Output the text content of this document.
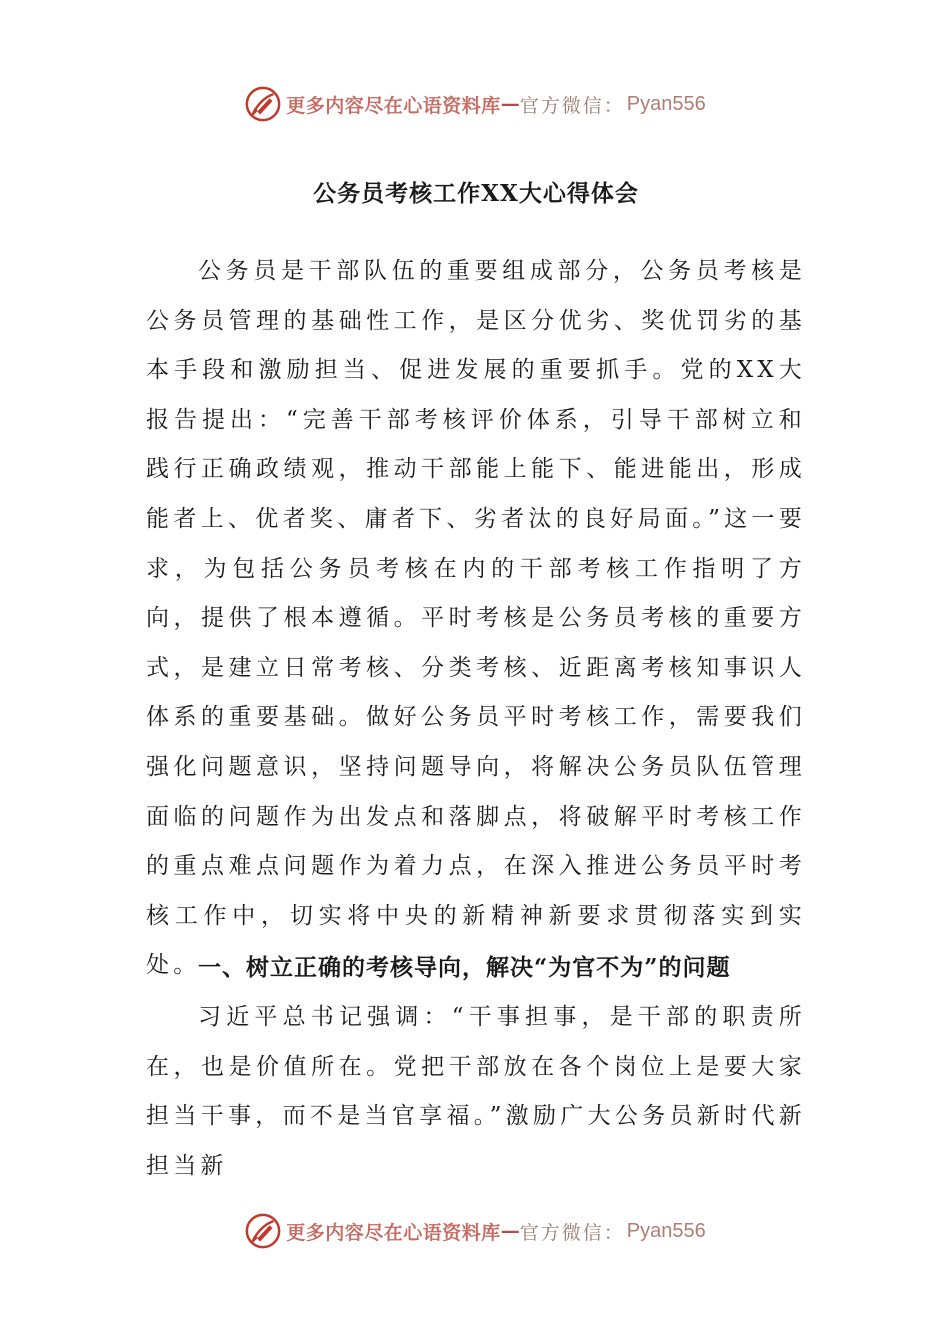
更多内容尽在心语资料库 — 官方微信： Pyan556
公务员考核工作XX大心得体会

公务员是干部队伍的重要组成部分，公务员考核是公务员管理的基础性工作，是区分优劣、奖优罚劣的基本手段和激励担当、促进发展的重要抓手。党的XX大报告提出：“完善干部考核评价体系，引导干部树立和践行正确政绩观，推动干部能上能下、能进能出，形成能者上、优者奖、庸者下、劣者汰的良好局面。”这一要求，为包括公务员考核在内的干部考核工作指明了方向，提供了根本遵循。平时考核是公务员考核的重要方式，是建立日常考核、分类考核、近距离考核知事识人体系的重要基础。做好公务员平时考核工作，需要我们强化问题意识，坚持问题导向，将解决公务员队伍管理面临的问题作为出发点和落脚点，将破解平时考核工作的重点难点问题作为着力点，在深入推进公务员平时考核工作中，切实将中央的新精神新要求贯彻落实到实处。

一、树立正确的考核导向，解决“为官不为”的问题

习近平总书记强调：“干事担事，是干部的职责所在，也是价值所在。党把干部放在各个岗位上是要大家担当干事，而不是当官享福。”激励广大公务员新时代新担当新

更多内容尽在心语资料库 — 官方微信： Pyan556
